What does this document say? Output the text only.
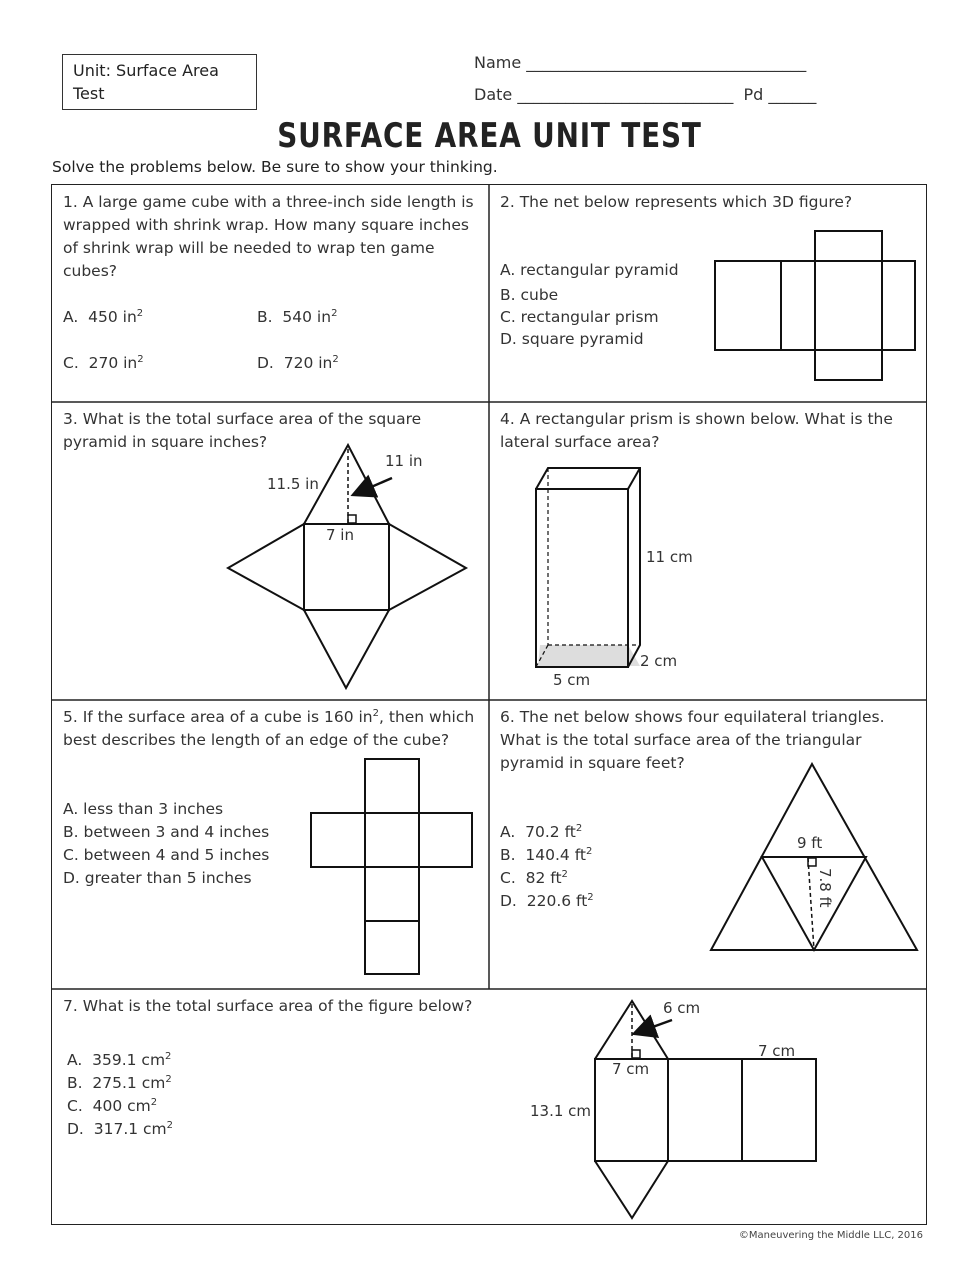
Unit: Surface Area Test
Name ___________________________________
Date ___________________________ Pd ______
SURFACE AREA UNIT TEST
Solve the problems below. Be sure to show your thinking.
1. A large game cube with a three-inch side length is wrapped with shrink wrap. How many square inches of shrink wrap will be needed to wrap ten game cubes?
A. 450 $in^2$	B. 540 $in^2$
C. 270 $in^2$	D. 720 $in^2$
2. The net below represents which 3D figure?
A. rectangular pyramid
B. cube
C. rectangular prism
D. square pyramid
3. What is the total surface area of the square pyramid in square inches?
11.5 in
11 in
7 in
4. A rectangular prism is shown below. What is the lateral surface area?
11 cm
2 cm
5 cm
5. If the surface area of a cube is 160 $in^2$, then which best describes the length of an edge of the cube?
A. less than 3 inches
B. between 3 and 4 inches
C. between 4 and 5 inches
D. greater than 5 inches
6. The net below shows four equilateral triangles. What is the total surface area of the triangular pyramid in square feet?
A. 70.2 $ft^2$
B. 140.4 $ft^2$
C. 82 $ft^2$
D. 220.6 $ft^2$
9 ft
7.8 ft
7. What is the total surface area of the figure below?
A. 359.1 $cm^2$
B. 275.1 $cm^2$
C. 400 $cm^2$
D. 317.1 $cm^2$
6 cm
7 cm
7 cm
13.1 cm
©Maneuvering the Middle LLC, 2016
